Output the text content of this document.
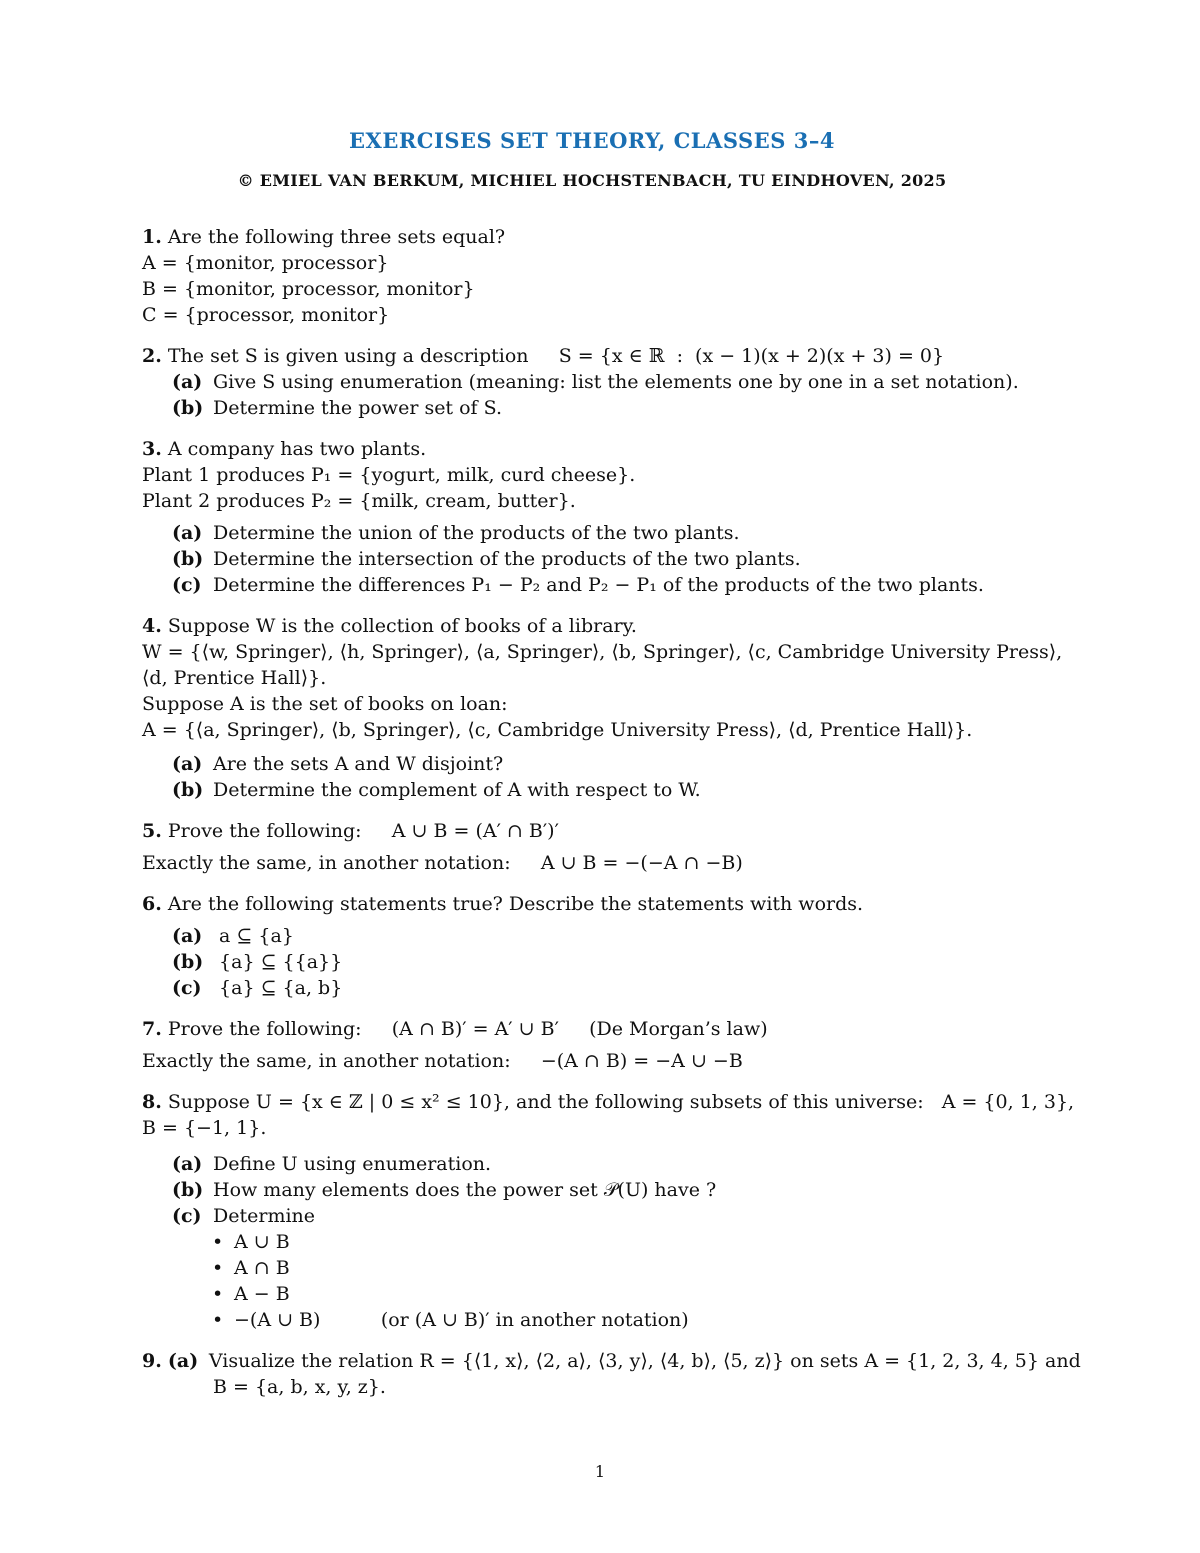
EXERCISES SET THEORY, CLASSES 3–4
© EMIEL VAN BERKUM, MICHIEL HOCHSTENBACH, TU EINDHOVEN, 2025
1. Are the following three sets equal?
A = {monitor, processor}
B = {monitor, processor, monitor}
C = {processor, monitor}
2. The set S is given using a description     S = {x ∈ ℝ  :  (x − 1)(x + 2)(x + 3) = 0}
(a) Give S using enumeration (meaning: list the elements one by one in a set notation).
(b) Determine the power set of S.
3. A company has two plants.
Plant 1 produces P₁ = {yogurt, milk, curd cheese}.
Plant 2 produces P₂ = {milk, cream, butter}.
(a) Determine the union of the products of the two plants.
(b) Determine the intersection of the products of the two plants.
(c) Determine the differences P₁ − P₂ and P₂ − P₁ of the products of the two plants.
4. Suppose W is the collection of books of a library.
W = {⟨w, Springer⟩, ⟨h, Springer⟩, ⟨a, Springer⟩, ⟨b, Springer⟩, ⟨c, Cambridge University Press⟩,
⟨d, Prentice Hall⟩}.
Suppose A is the set of books on loan:
A = {⟨a, Springer⟩, ⟨b, Springer⟩, ⟨c, Cambridge University Press⟩, ⟨d, Prentice Hall⟩}.
(a) Are the sets A and W disjoint?
(b) Determine the complement of A with respect to W.
5. Prove the following:     A ∪ B = (A′ ∩ B′)′
Exactly the same, in another notation:     A ∪ B = −(−A ∩ −B)
6. Are the following statements true? Describe the statements with words.
(a) a ⊆ {a}
(b) {a} ⊆ {{a}}
(c) {a} ⊆ {a, b}
7. Prove the following:     (A ∩ B)′ = A′ ∪ B′     (De Morgan’s law)
Exactly the same, in another notation:     −(A ∩ B) = −A ∪ −B
8. Suppose U = {x ∈ ℤ | 0 ≤ x² ≤ 10}, and the following subsets of this universe:   A = {0, 1, 3},
B = {−1, 1}.
(a) Define U using enumeration.
(b) How many elements does the power set 𝒫(U) have ?
(c) Determine
• A ∪ B
• A ∩ B
• A − B
• −(A ∪ B)          (or (A ∪ B)′ in another notation)
9. (a) Visualize the relation R = {⟨1, x⟩, ⟨2, a⟩, ⟨3, y⟩, ⟨4, b⟩, ⟨5, z⟩} on sets A = {1, 2, 3, 4, 5} and
B = {a, b, x, y, z}.
1
